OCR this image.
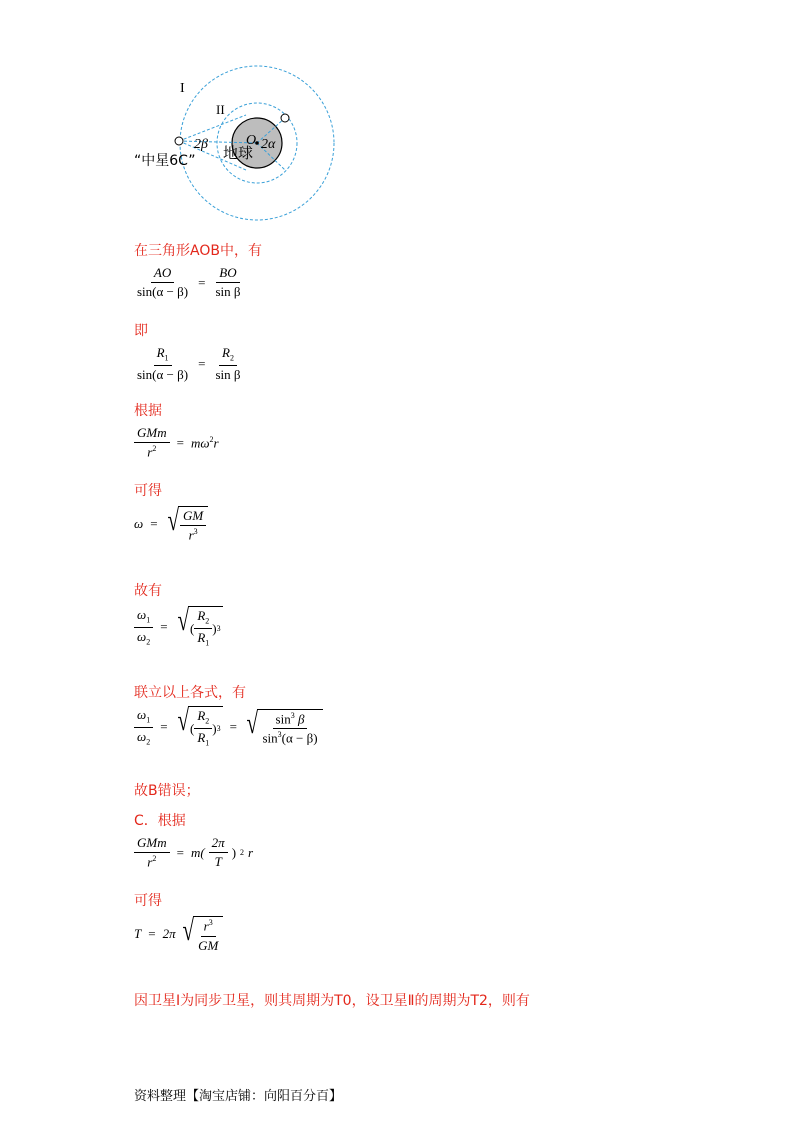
I
II
2β	O 2α
地球
“中星6C”
在三角形AOB中，有
$\frac{AO}{\sin(\alpha - \beta)} = \frac{BO}{\text{sin β}}$
即
$\frac{R_1}{\sin(\alpha - \beta)} = \frac{R_2}{\text{sin β}}$
根据
$\frac{\text{GMm}}{r^2} = m\omega^2r$
可得
ω = √ $\frac{GM}{r^3}$
故有
$\frac{\omega_1}{\omega_2}$ = √ ( $\frac{R_2}{R_1}$ ) 3
联立以上各式，有
$\frac{\omega_1}{\omega_2}$ = √ ( $\frac{R_2}{R_1}$ ) 3 = √ $\frac{\sin^3 \beta}{\sin^3(\alpha - \beta)}$
故B错误；
C．根据
$\frac{\text{GMm}}{r^2} = m( \frac{2\pi}{T}$ ) 2 r
可得
T = 2π √ $\frac{r^3}{GM}$
因卫星Ⅰ为同步卫星，则其周期为T0，设卫星Ⅱ的周期为T2，则有
资料整理【淘宝店铺：向阳百分百】
